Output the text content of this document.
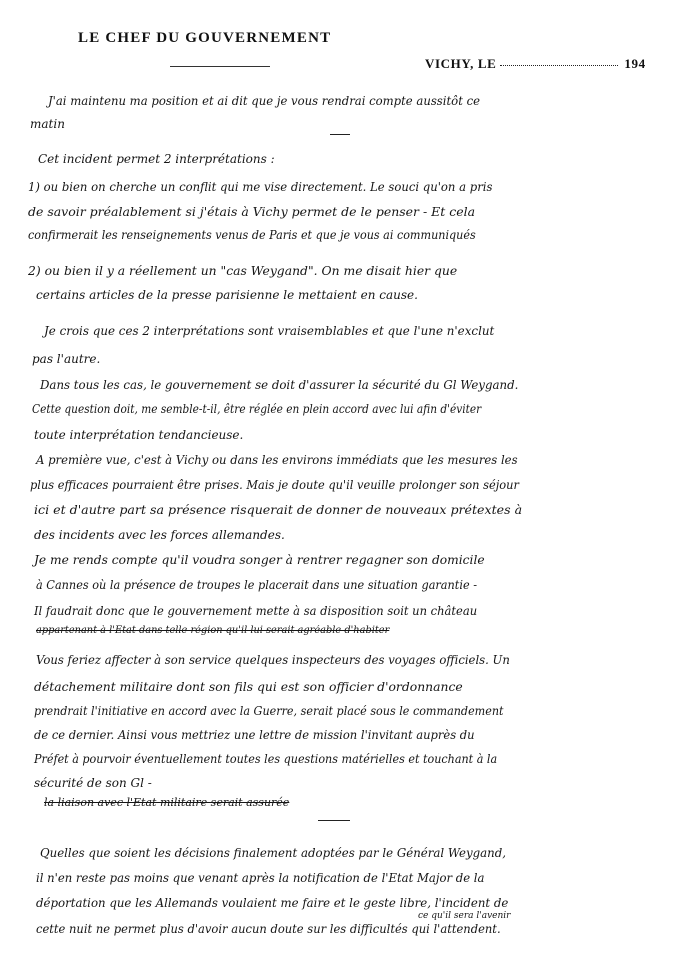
LE CHEF DU GOUVERNEMENT
VICHY, LE	194
J'ai maintenu ma position et ai dit que je vous rendrai compte aussitôt ce
matin
Cet incident permet 2 interprétations :
1) ou bien on cherche un conflit qui me vise directement. Le souci qu'on a pris
de savoir préalablement si j'étais à Vichy permet de le penser - Et cela
confirmerait les renseignements venus de Paris et que je vous ai communiqués
2) ou bien il y a réellement un "cas Weygand". On me disait hier que
certains articles de la presse parisienne le mettaient en cause.
Je crois que ces 2 interprétations sont vraisemblables et que l'une n'exclut
pas l'autre.
Dans tous les cas, le gouvernement se doit d'assurer la sécurité du Gl Weygand.
Cette question doit, me semble-t-il, être réglée en plein accord avec lui afin d'éviter
toute interprétation tendancieuse.
A première vue, c'est à Vichy ou dans les environs immédiats que les mesures les
plus efficaces pourraient être prises. Mais je doute qu'il veuille prolonger son séjour
ici et d'autre part sa présence risquerait de donner de nouveaux prétextes à
des incidents avec les forces allemandes.
Je me rends compte qu'il voudra songer à rentrer regagner son domicile
à Cannes où la présence de troupes le placerait dans une situation garantie -
Il faudrait donc que le gouvernement mette à sa disposition soit un château
appartenant à l'Etat dans telle région qu'il lui serait agréable d'habiter
Vous feriez affecter à son service quelques inspecteurs des voyages officiels. Un
détachement militaire dont son fils qui est son officier d'ordonnance
prendrait l'initiative en accord avec la Guerre, serait placé sous le commandement
de ce dernier. Ainsi vous mettriez une lettre de mission l'invitant auprès du
Préfet à pourvoir éventuellement toutes les questions matérielles et touchant à la
sécurité de son Gl -
la liaison avec l'Etat militaire serait assurée
Quelles que soient les décisions finalement adoptées par le Général Weygand,
il n'en reste pas moins que venant après la notification de l'Etat Major de la
déportation que les Allemands voulaient me faire et le geste libre, l'incident de
ce qu'il sera l'avenir
cette nuit ne permet plus d'avoir aucun doute sur les difficultés qui l'attendent.
